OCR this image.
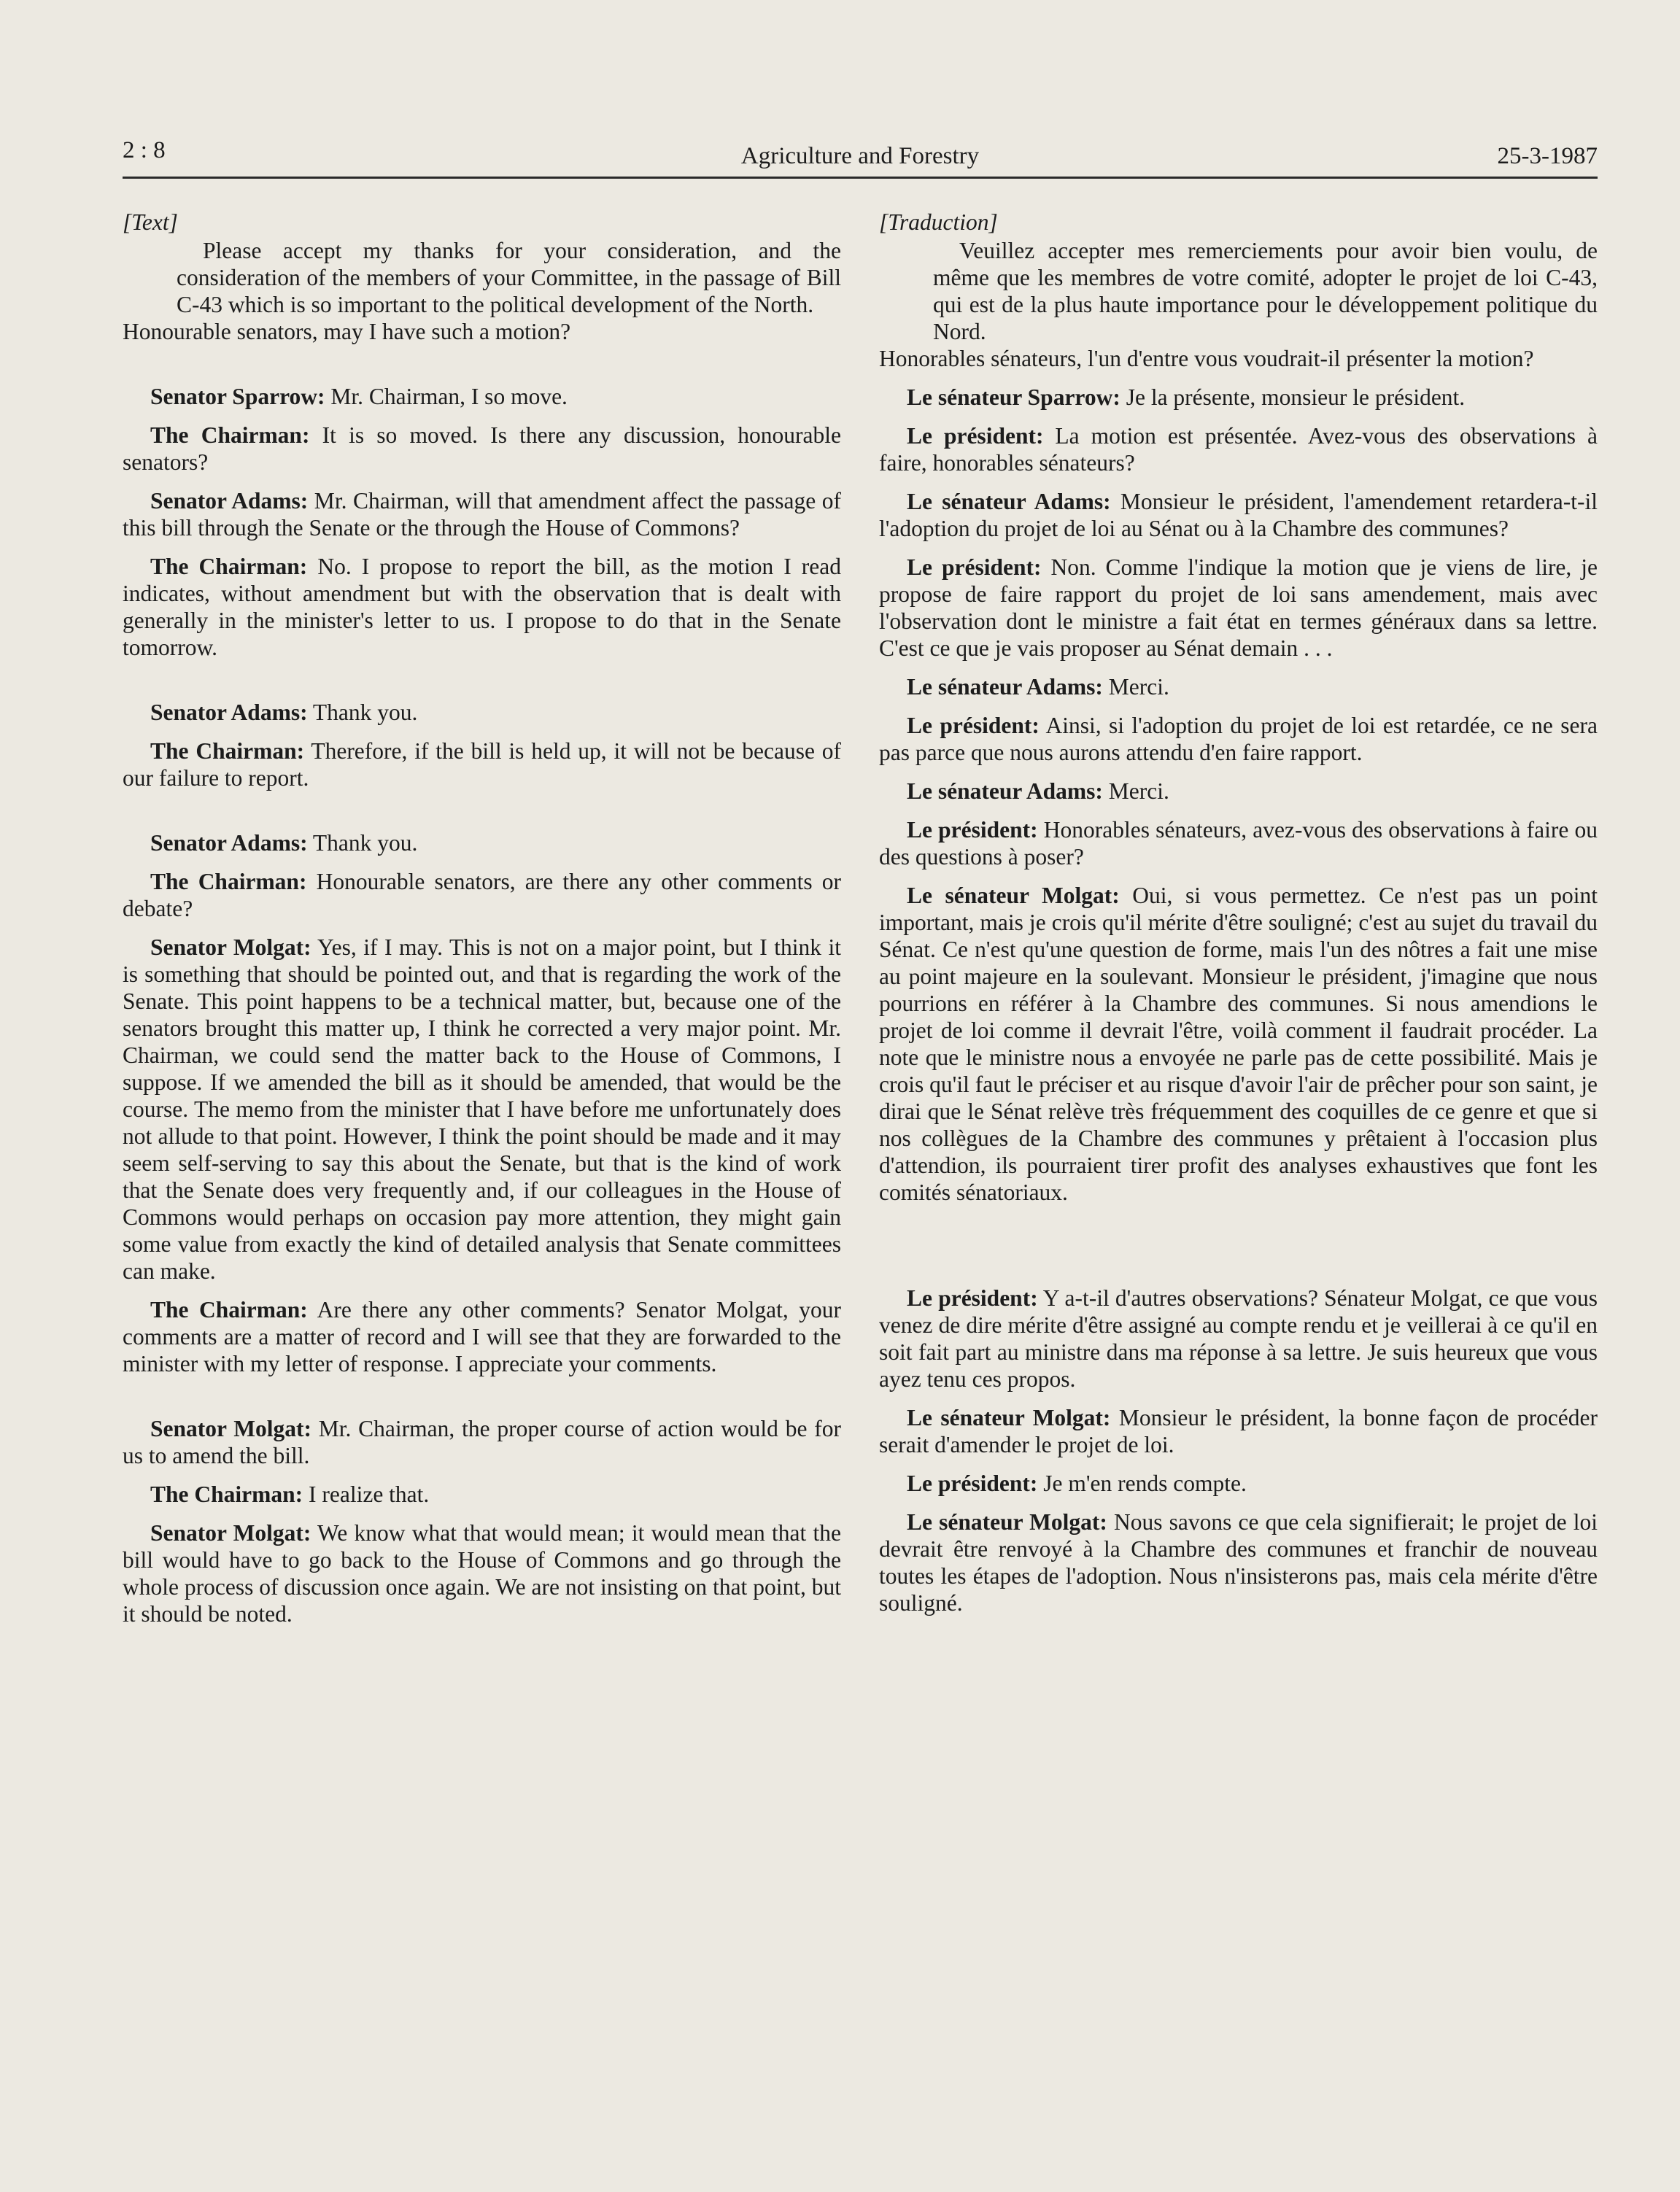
2 : 8	Agriculture and Forestry	25-3-1987

[Text]

Please accept my thanks for your consideration, and the consideration of the members of your Committee, in the passage of Bill C-43 which is so important to the political development of the North.

Honourable senators, may I have such a motion?

Senator Sparrow: Mr. Chairman, I so move.

The Chairman: It is so moved. Is there any discussion, honourable senators?

Senator Adams: Mr. Chairman, will that amendment affect the passage of this bill through the Senate or the through the House of Commons?

The Chairman: No. I propose to report the bill, as the motion I read indicates, without amendment but with the observation that is dealt with generally in the minister's letter to us. I propose to do that in the Senate tomorrow.

Senator Adams: Thank you.

The Chairman: Therefore, if the bill is held up, it will not be because of our failure to report.

Senator Adams: Thank you.

The Chairman: Honourable senators, are there any other comments or debate?

Senator Molgat: Yes, if I may. This is not on a major point, but I think it is something that should be pointed out, and that is regarding the work of the Senate. This point happens to be a technical matter, but, because one of the senators brought this matter up, I think he corrected a very major point. Mr. Chairman, we could send the matter back to the House of Commons, I suppose. If we amended the bill as it should be amended, that would be the course. The memo from the minister that I have before me unfortunately does not allude to that point. However, I think the point should be made and it may seem self-serving to say this about the Senate, but that is the kind of work that the Senate does very frequently and, if our colleagues in the House of Commons would perhaps on occasion pay more attention, they might gain some value from exactly the kind of detailed analysis that Senate committees can make.

The Chairman: Are there any other comments? Senator Molgat, your comments are a matter of record and I will see that they are forwarded to the minister with my letter of response. I appreciate your comments.

Senator Molgat: Mr. Chairman, the proper course of action would be for us to amend the bill.

The Chairman: I realize that.

Senator Molgat: We know what that would mean; it would mean that the bill would have to go back to the House of Commons and go through the whole process of discussion once again. We are not insisting on that point, but it should be noted.

[Traduction]

Veuillez accepter mes remerciements pour avoir bien voulu, de même que les membres de votre comité, adopter le projet de loi C-43, qui est de la plus haute importance pour le développement politique du Nord.

Honorables sénateurs, l'un d'entre vous voudrait-il présenter la motion?

Le sénateur Sparrow: Je la présente, monsieur le président.

Le président: La motion est présentée. Avez-vous des observations à faire, honorables sénateurs?

Le sénateur Adams: Monsieur le président, l'amendement retardera-t-il l'adoption du projet de loi au Sénat ou à la Chambre des communes?

Le président: Non. Comme l'indique la motion que je viens de lire, je propose de faire rapport du projet de loi sans amendement, mais avec l'observation dont le ministre a fait état en termes généraux dans sa lettre. C'est ce que je vais proposer au Sénat demain . . .

Le sénateur Adams: Merci.

Le président: Ainsi, si l'adoption du projet de loi est retardée, ce ne sera pas parce que nous aurons attendu d'en faire rapport.

Le sénateur Adams: Merci.

Le président: Honorables sénateurs, avez-vous des observations à faire ou des questions à poser?

Le sénateur Molgat: Oui, si vous permettez. Ce n'est pas un point important, mais je crois qu'il mérite d'être souligné; c'est au sujet du travail du Sénat. Ce n'est qu'une question de forme, mais l'un des nôtres a fait une mise au point majeure en la soulevant. Monsieur le président, j'imagine que nous pourrions en référer à la Chambre des communes. Si nous amendions le projet de loi comme il devrait l'être, voilà comment il faudrait procéder. La note que le ministre nous a envoyée ne parle pas de cette possibilité. Mais je crois qu'il faut le préciser et au risque d'avoir l'air de prêcher pour son saint, je dirai que le Sénat relève très fréquemment des coquilles de ce genre et que si nos collègues de la Chambre des communes y prêtaient à l'occasion plus d'attendion, ils pourraient tirer profit des analyses exhaustives que font les comités sénatoriaux.

Le président: Y a-t-il d'autres observations? Sénateur Molgat, ce que vous venez de dire mérite d'être assigné au compte rendu et je veillerai à ce qu'il en soit fait part au ministre dans ma réponse à sa lettre. Je suis heureux que vous ayez tenu ces propos.

Le sénateur Molgat: Monsieur le président, la bonne façon de procéder serait d'amender le projet de loi.

Le président: Je m'en rends compte.

Le sénateur Molgat: Nous savons ce que cela signifierait; le projet de loi devrait être renvoyé à la Chambre des communes et franchir de nouveau toutes les étapes de l'adoption. Nous n'insisterons pas, mais cela mérite d'être souligné.
